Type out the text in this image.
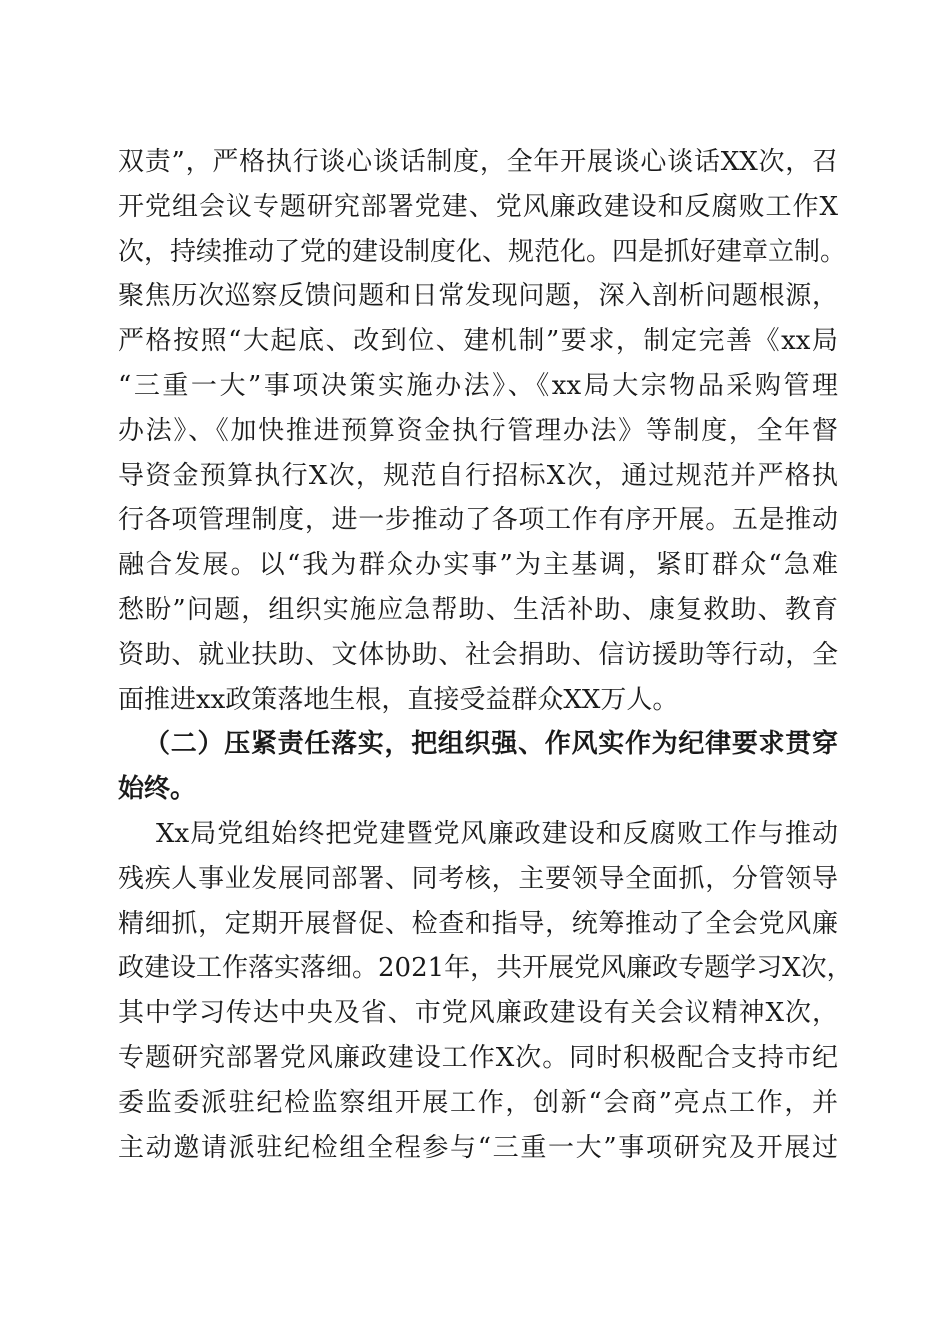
双责”，严格执行谈心谈话制度，全年开展谈心谈话XX次，召
开党组会议专题研究部署党建、党风廉政建设和反腐败工作X
次，持续推动了党的建设制度化、规范化。四是抓好建章立制。
聚焦历次巡察反馈问题和日常发现问题，深入剖析问题根源，
严格按照“大起底、改到位、建机制”要求，制定完善《xx局
“三重一大”事项决策实施办法》、《xx局大宗物品采购管理
办法》、《加快推进预算资金执行管理办法》等制度，全年督
导资金预算执行X次，规范自行招标X次，通过规范并严格执
行各项管理制度，进一步推动了各项工作有序开展。五是推动
融合发展。以“我为群众办实事”为主基调，紧盯群众“急难
愁盼”问题，组织实施应急帮助、生活补助、康复救助、教育
资助、就业扶助、文体协助、社会捐助、信访援助等行动，全
面推进xx政策落地生根，直接受益群众XX万人。
（二）压紧责任落实，把组织强、作风实作为纪律要求贯穿
始终。
Xx局党组始终把党建暨党风廉政建设和反腐败工作与推动
残疾人事业发展同部署、同考核，主要领导全面抓，分管领导
精细抓，定期开展督促、检查和指导，统筹推动了全会党风廉
政建设工作落实落细。2021年，共开展党风廉政专题学习X次，
其中学习传达中央及省、市党风廉政建设有关会议精神X次，
专题研究部署党风廉政建设工作X次。同时积极配合支持市纪
委监委派驻纪检监察组开展工作，创新“会商”亮点工作，并
主动邀请派驻纪检组全程参与“三重一大”事项研究及开展过
